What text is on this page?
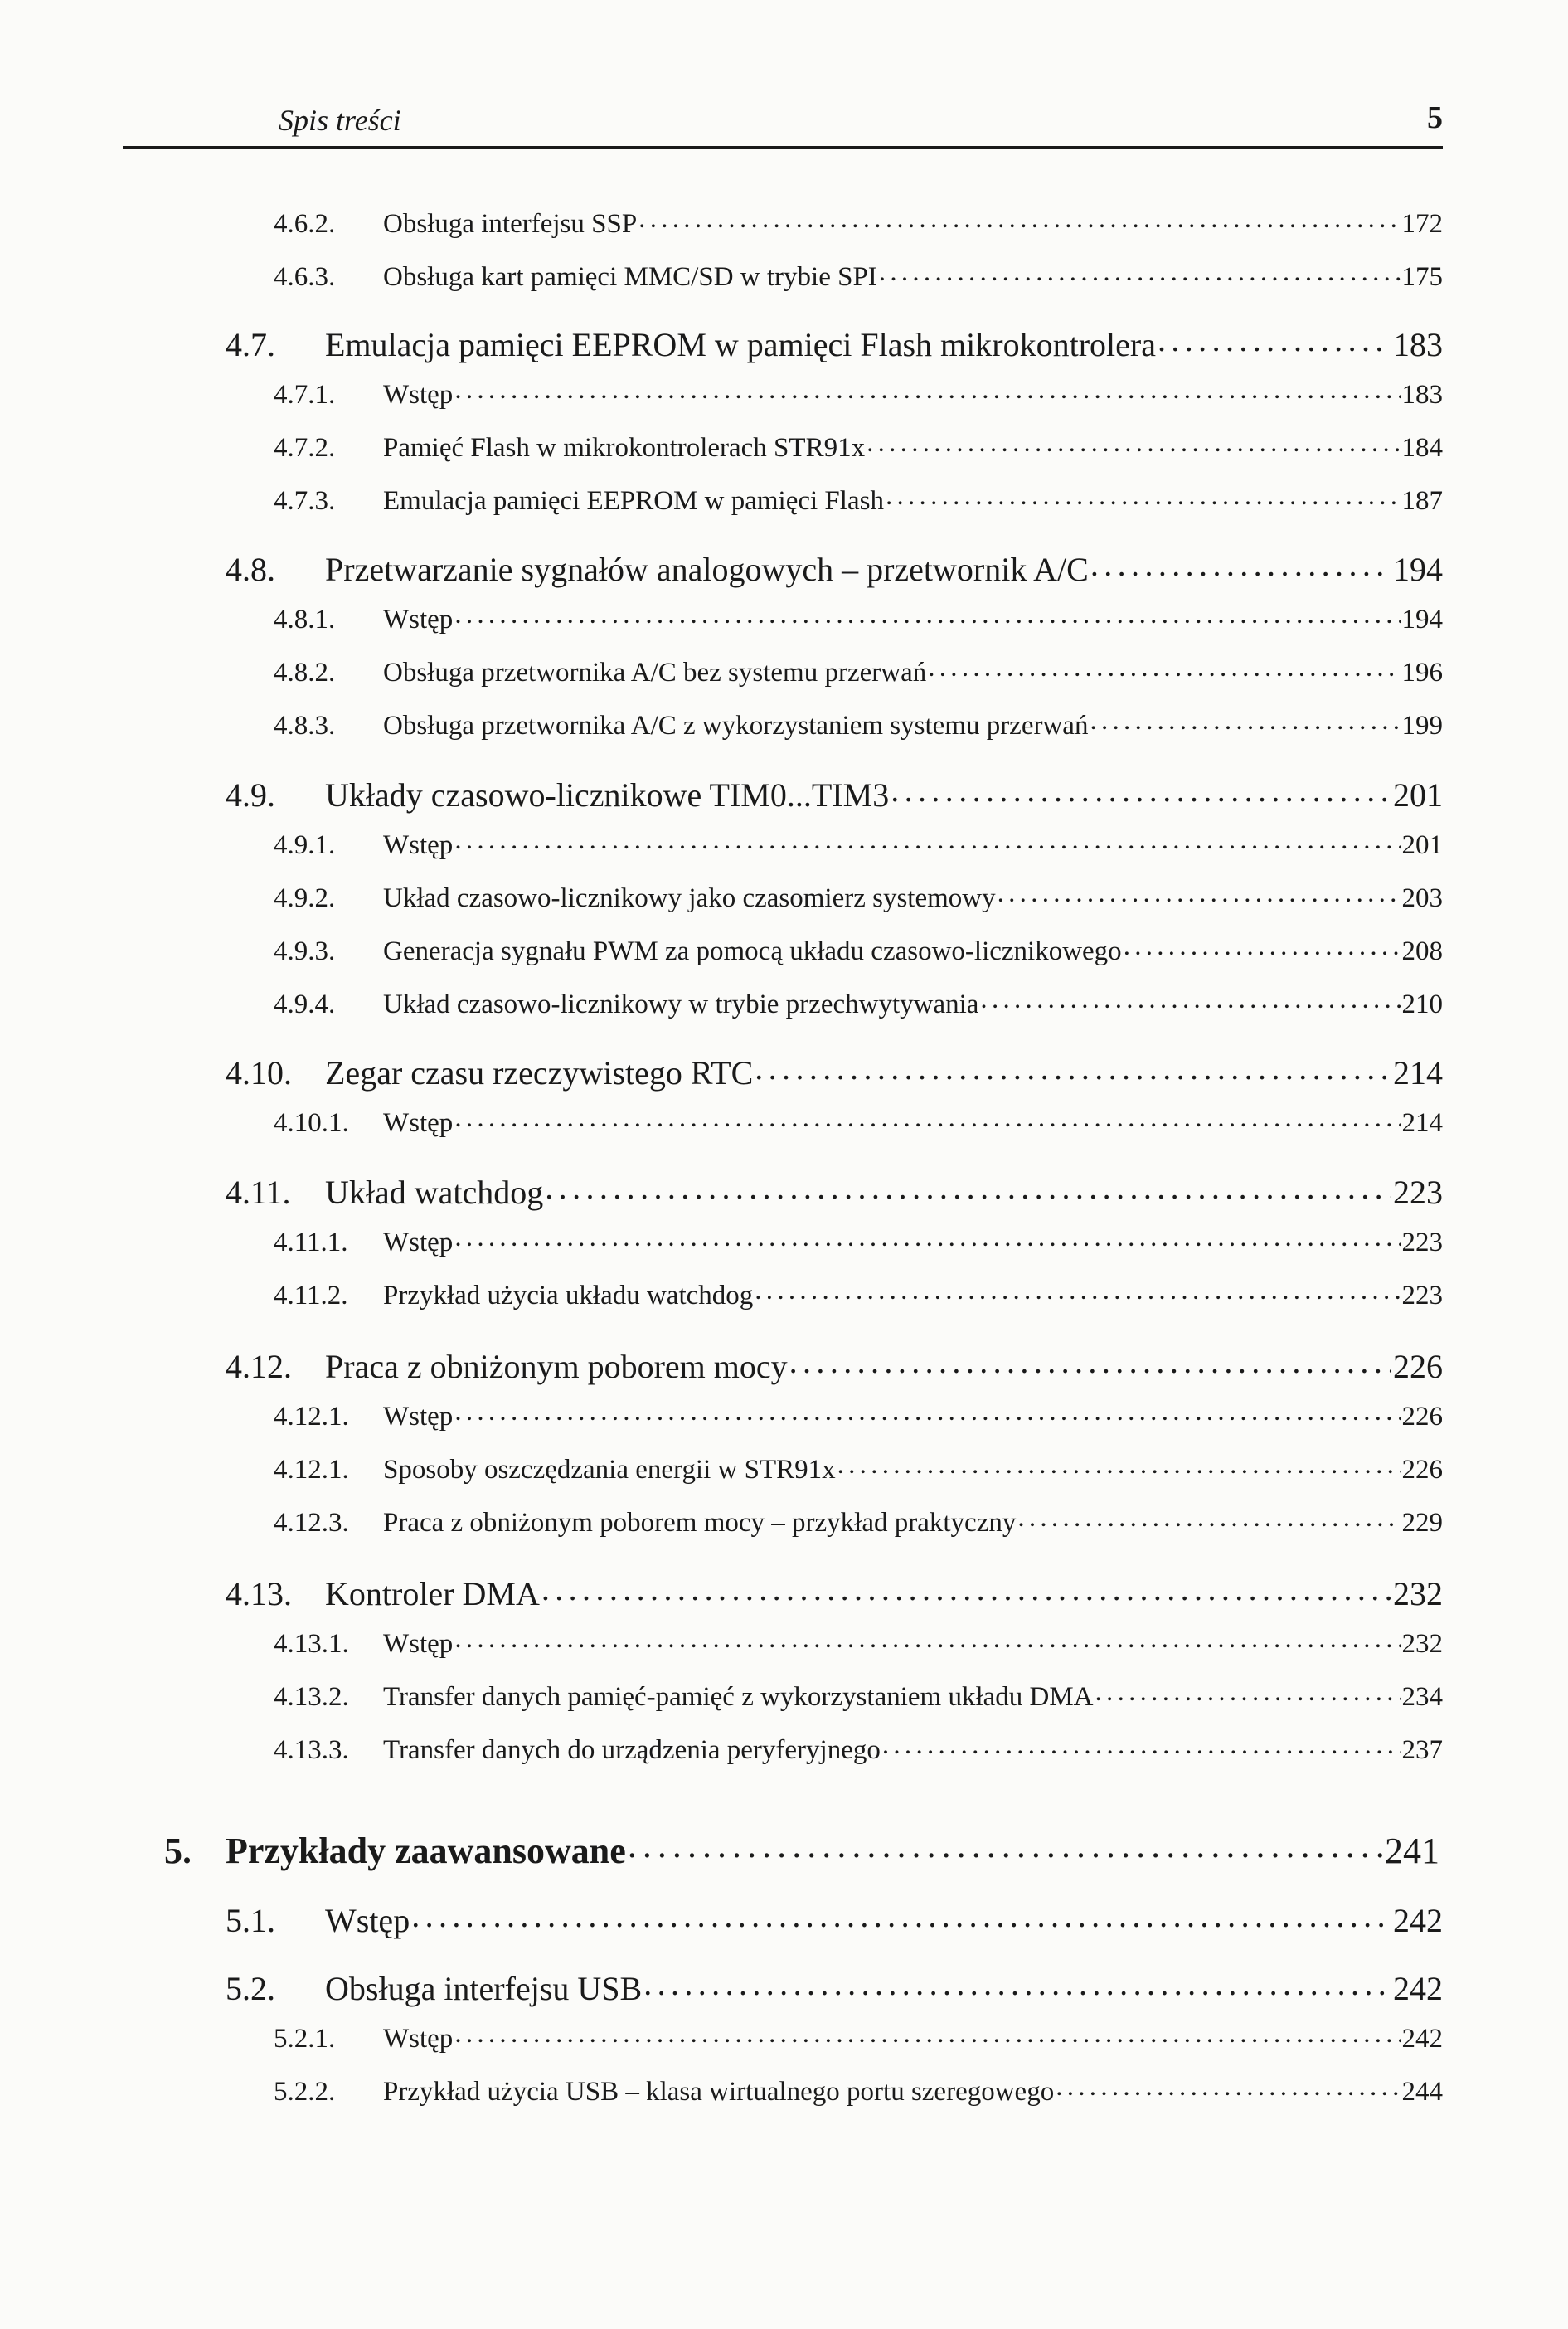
Spis treści	5
4.6.2.	Obsługa interfejsu SSP .....	172
4.6.3.	Obsługa kart pamięci MMC/SD w trybie SPI .....	175
4.7.	Emulacja pamięci EEPROM w pamięci Flash mikrokontrolera .....	183
4.7.1.	Wstęp .....	183
4.7.2.	Pamięć Flash w mikrokontrolerach STR91x .....	184
4.7.3.	Emulacja pamięci EEPROM w pamięci Flash .....	187
4.8.	Przetwarzanie sygnałów analogowych – przetwornik A/C .....	194
4.8.1.	Wstęp .....	194
4.8.2.	Obsługa przetwornika A/C bez systemu przerwań .....	196
4.8.3.	Obsługa przetwornika A/C z wykorzystaniem systemu przerwań .....	199
4.9.	Układy czasowo-licznikowe TIM0...TIM3 .....	201
4.9.1.	Wstęp .....	201
4.9.2.	Układ czasowo-licznikowy jako czasomierz systemowy .....	203
4.9.3.	Generacja sygnału PWM za pomocą układu czasowo-licznikowego .....	208
4.9.4.	Układ czasowo-licznikowy w trybie przechwytywania .....	210
4.10.	Zegar czasu rzeczywistego RTC .....	214
4.10.1.	Wstęp .....	214
4.11.	Układ watchdog .....	223
4.11.1.	Wstęp .....	223
4.11.2.	Przykład użycia układu watchdog .....	223
4.12.	Praca z obniżonym poborem mocy .....	226
4.12.1.	Wstęp .....	226
4.12.1.	Sposoby oszczędzania energii w STR91x .....	226
4.12.3.	Praca z obniżonym poborem mocy – przykład praktyczny .....	229
4.13.	Kontroler DMA .....	232
4.13.1.	Wstęp .....	232
4.13.2.	Transfer danych pamięć-pamięć z wykorzystaniem układu DMA .....	234
4.13.3.	Transfer danych do urządzenia peryferyjnego .....	237
5. Przykłady zaawansowane .....	241
5.1.	Wstęp .....	242
5.2.	Obsługa interfejsu USB .....	242
5.2.1.	Wstęp .....	242
5.2.2.	Przykład użycia USB – klasa wirtualnego portu szeregowego .....	244
